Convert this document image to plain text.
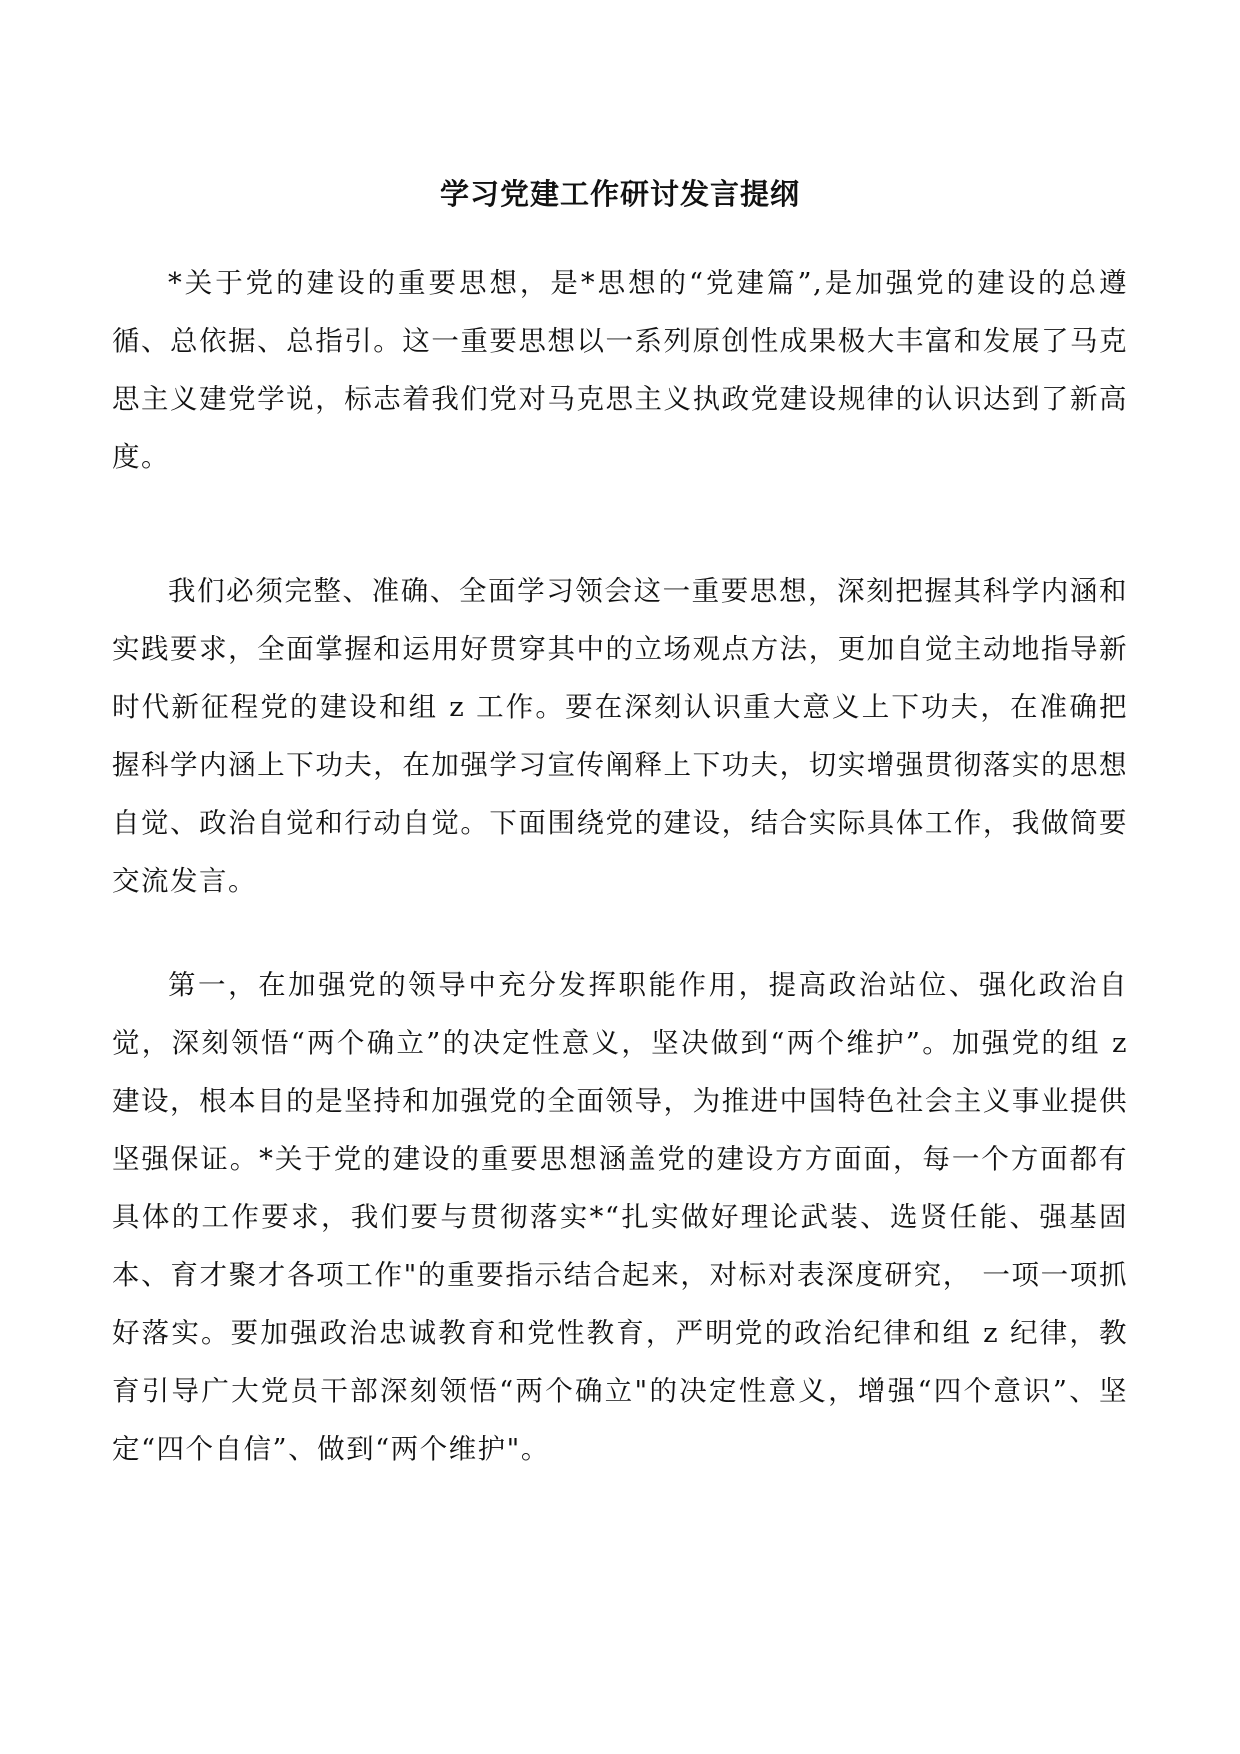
学习党建工作研讨发言提纲

*关于党的建设的重要思想，是*思想的“党建篇”,是加强党的建设的总遵循、总依据、总指引。这一重要思想以一系列原创性成果极大丰富和发展了马克思主义建党学说，标志着我们党对马克思主义执政党建设规律的认识达到了新高度。

我们必须完整、准确、全面学习领会这一重要思想，深刻把握其科学内涵和实践要求，全面掌握和运用好贯穿其中的立场观点方法，更加自觉主动地指导新时代新征程党的建设和组 z 工作。要在深刻认识重大意义上下功夫，在准确把握科学内涵上下功夫，在加强学习宣传阐释上下功夫，切实增强贯彻落实的思想自觉、政治自觉和行动自觉。下面围绕党的建设，结合实际具体工作，我做简要交流发言。

第一，在加强党的领导中充分发挥职能作用，提高政治站位、强化政治自觉，深刻领悟“两个确立”的决定性意义，坚决做到“两个维护”。加强党的组 z 建设，根本目的是坚持和加强党的全面领导，为推进中国特色社会主义事业提供坚强保证。*关于党的建设的重要思想涵盖党的建设方方面面，每一个方面都有具体的工作要求，我们要与贯彻落实*“扎实做好理论武装、选贤任能、强基固本、育才聚才各项工作"的重要指示结合起来，对标对表深度研究， 一项一项抓好落实。要加强政治忠诚教育和党性教育，严明党的政治纪律和组 z 纪律，教育引导广大党员干部深刻领悟“两个确立"的决定性意义，增强“四个意识”、坚定“四个自信”、做到“两个维护"。
